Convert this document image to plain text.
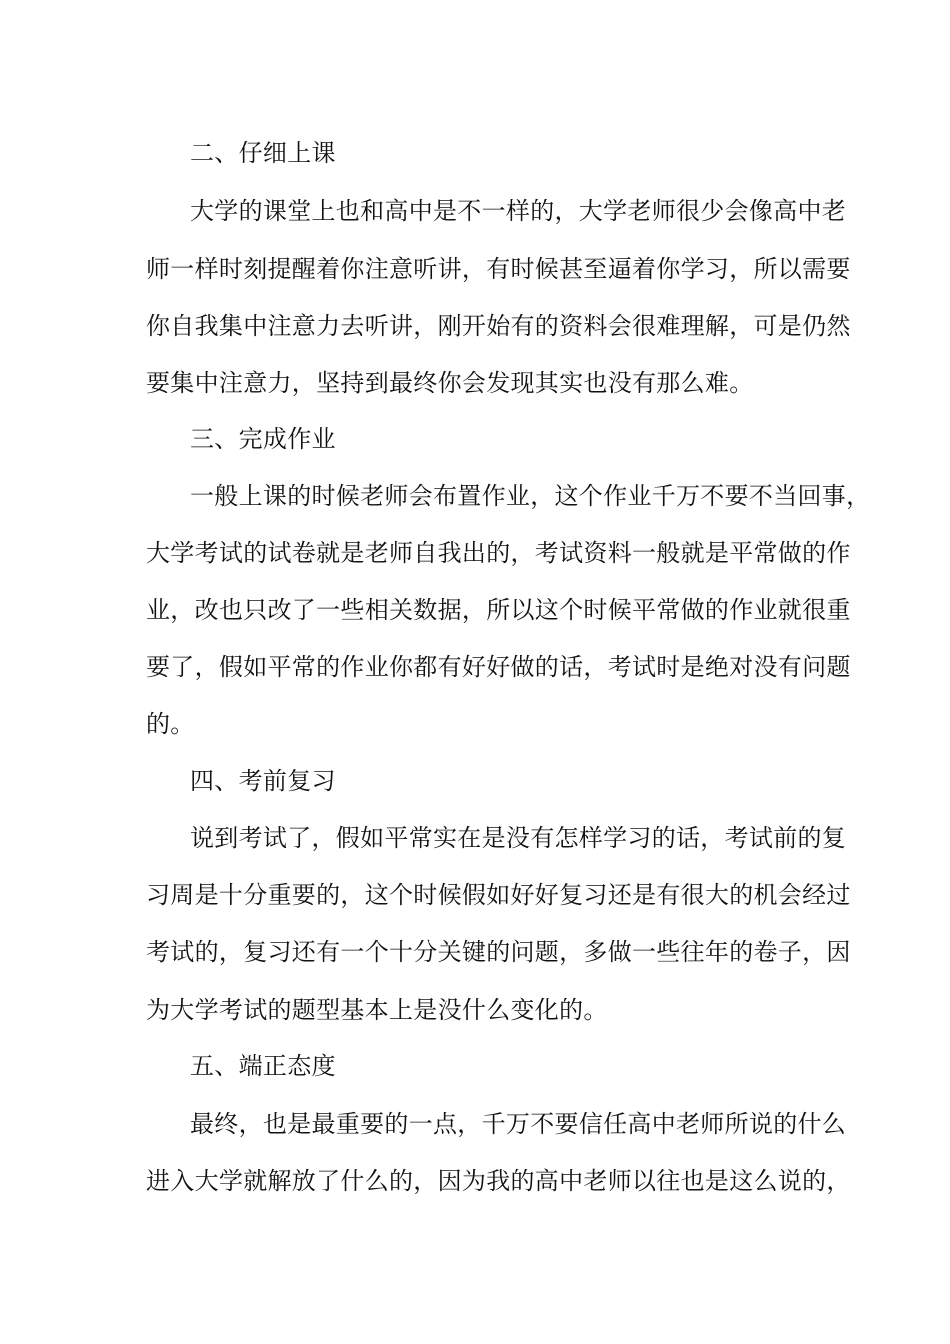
二、仔细上课
大学的课堂上也和高中是不一样的，大学老师很少会像高中老
师一样时刻提醒着你注意听讲，有时候甚至逼着你学习，所以需要
你自我集中注意力去听讲，刚开始有的资料会很难理解，可是仍然
要集中注意力，坚持到最终你会发现其实也没有那么难。
三、完成作业
一般上课的时候老师会布置作业，这个作业千万不要不当回事，
大学考试的试卷就是老师自我出的，考试资料一般就是平常做的作
业，改也只改了一些相关数据，所以这个时候平常做的作业就很重
要了，假如平常的作业你都有好好做的话，考试时是绝对没有问题
的。
四、考前复习
说到考试了，假如平常实在是没有怎样学习的话，考试前的复
习周是十分重要的，这个时候假如好好复习还是有很大的机会经过
考试的，复习还有一个十分关键的问题，多做一些往年的卷子，因
为大学考试的题型基本上是没什么变化的。
五、端正态度
最终，也是最重要的一点，千万不要信任高中老师所说的什么
进入大学就解放了什么的，因为我的高中老师以往也是这么说的，
